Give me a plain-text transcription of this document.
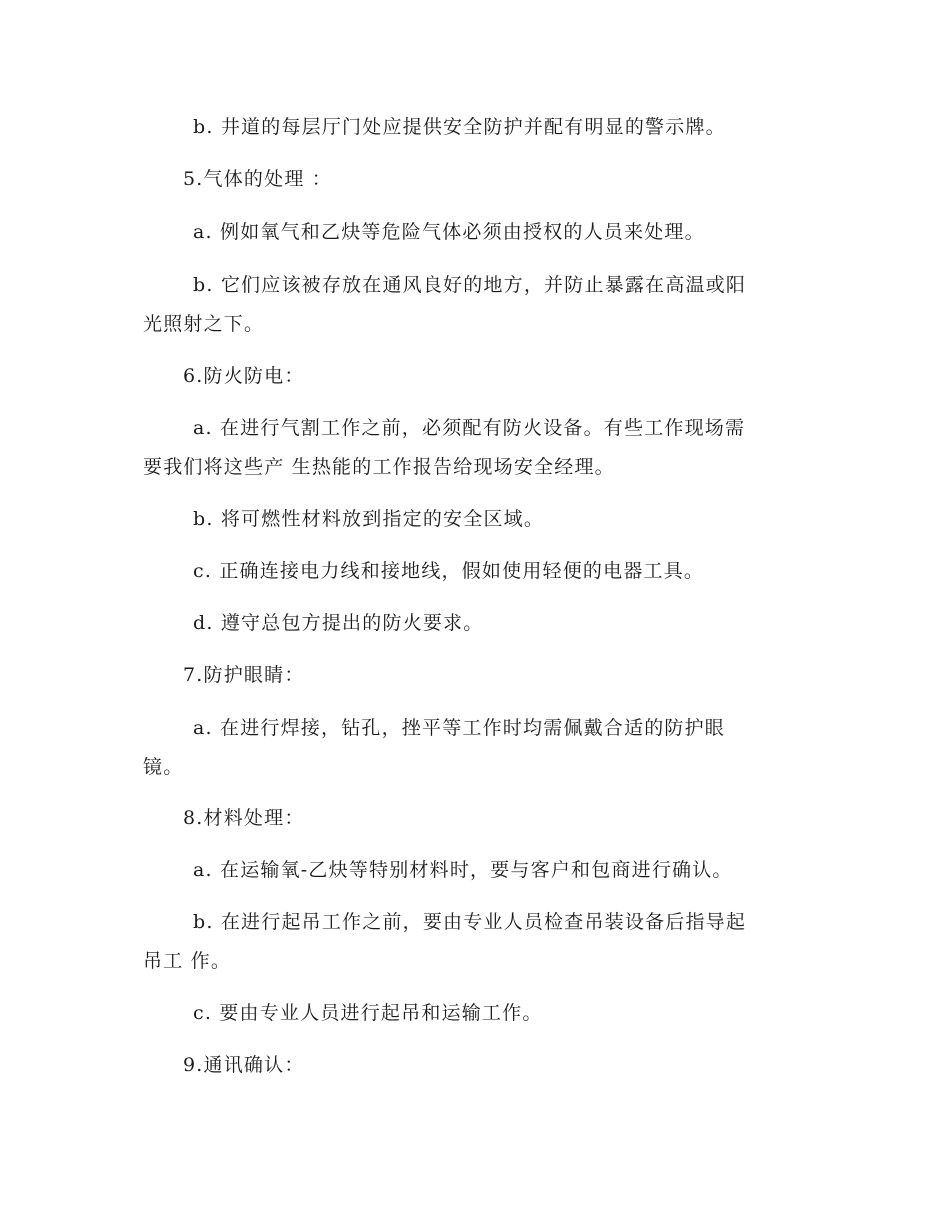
b. 井道的每层厅门处应提供安全防护并配有明显的警示牌。
5.气体的处理 ：
a. 例如氧气和乙炔等危险气体必须由授权的人员来处理。
b. 它们应该被存放在通风良好的地方，并防止暴露在高温或阳
光照射之下。
6.防火防电：
a. 在进行气割工作之前，必须配有防火设备。有些工作现场需
要我们将这些产 生热能的工作报告给现场安全经理。
b. 将可燃性材料放到指定的安全区域。
c. 正确连接电力线和接地线，假如使用轻便的电器工具。
d. 遵守总包方提出的防火要求。
7.防护眼睛：
a. 在进行焊接，钻孔，挫平等工作时均需佩戴合适的防护眼
镜。
8.材料处理：
a. 在运输氧-乙炔等特别材料时，要与客户和包商进行确认。
b. 在进行起吊工作之前，要由专业人员检查吊装设备后指导起
吊工 作。
c. 要由专业人员进行起吊和运输工作。
9.通讯确认：
